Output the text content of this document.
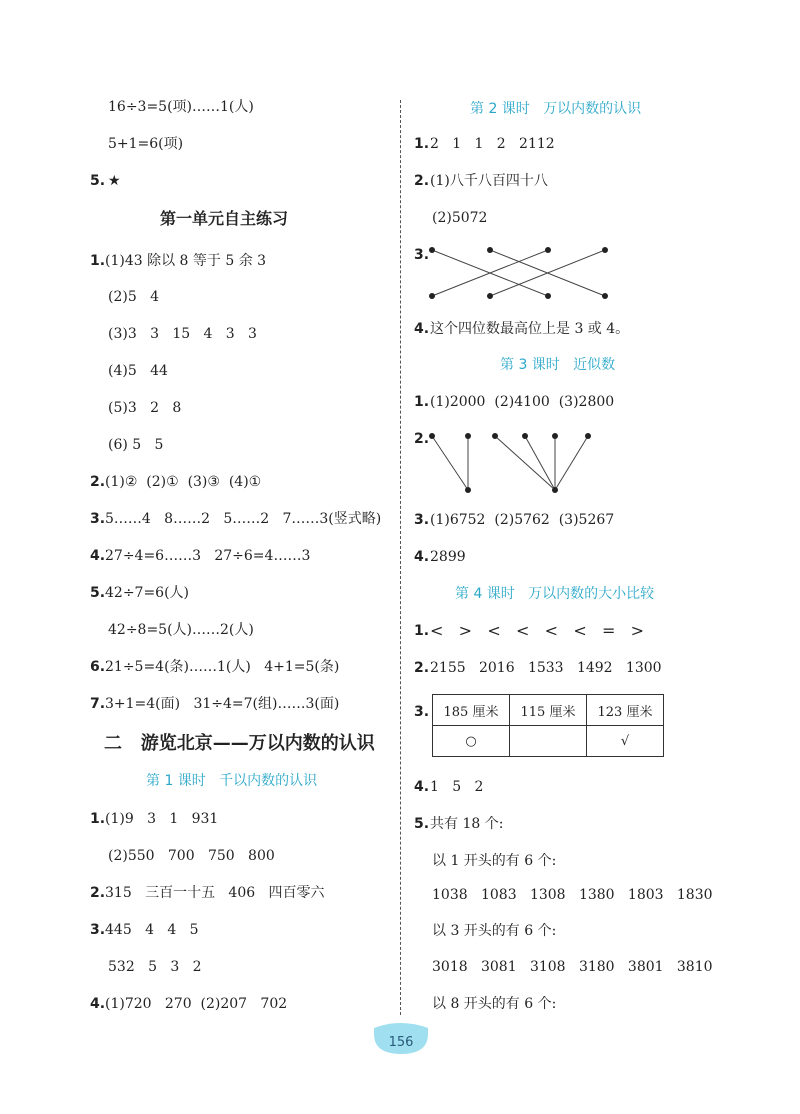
16÷3=5(项)……1(人)
5+1=6(项)
5. ★
第一单元自主练习
1. (1)43 除以 8 等于 5 余 3
(2)5   4
(3)3   3   15   4   3   3
(4)5   44
(5)3   2   8
(6) 5   5
2. (1)②  (2)①  (3)③  (4)①
3. 5……4   8……2   5……2   7……3(竖式略)
4. 27÷4=6……3   27÷6=4……3
5. 42÷7=6(人)
42÷8=5(人)……2(人)
6. 21÷5=4(条)……1(人)   4+1=5(条)
7. 3+1=4(面)   31÷4=7(组)……3(面)
二   游览北京——万以内数的认识
第 1 课时   千以内数的认识
1. (1)9   3   1   931
(2)550   700   750   800
2. 315   三百一十五   406   四百零六
3. 445   4   4   5
532   5   3   2
4. (1)720   270  (2)207   702
第 2 课时   万以内数的认识
1. 2   1   1   2   2112
2. (1)八千八百四十八
(2)5072
3.
4. 这个四位数最高位上是 3 或 4。
第 3 课时   近似数
1. (1)2000  (2)4100  (3)2800
2.
3. (1)6752  (2)5762  (3)5267
4. 2899
第 4 课时   万以内数的大小比较
1. <   >   <   <   <   <   =   >
2. 2155   2016   1533   1492   1300
3. 185 厘米	115 厘米	123 厘米
○		√
4. 1   5   2
5. 共有 18 个:
以 1 开头的有 6 个:
1038   1083   1308   1380   1803   1830
以 3 开头的有 6 个:
3018   3081   3108   3180   3801   3810
以 8 开头的有 6 个:
156
